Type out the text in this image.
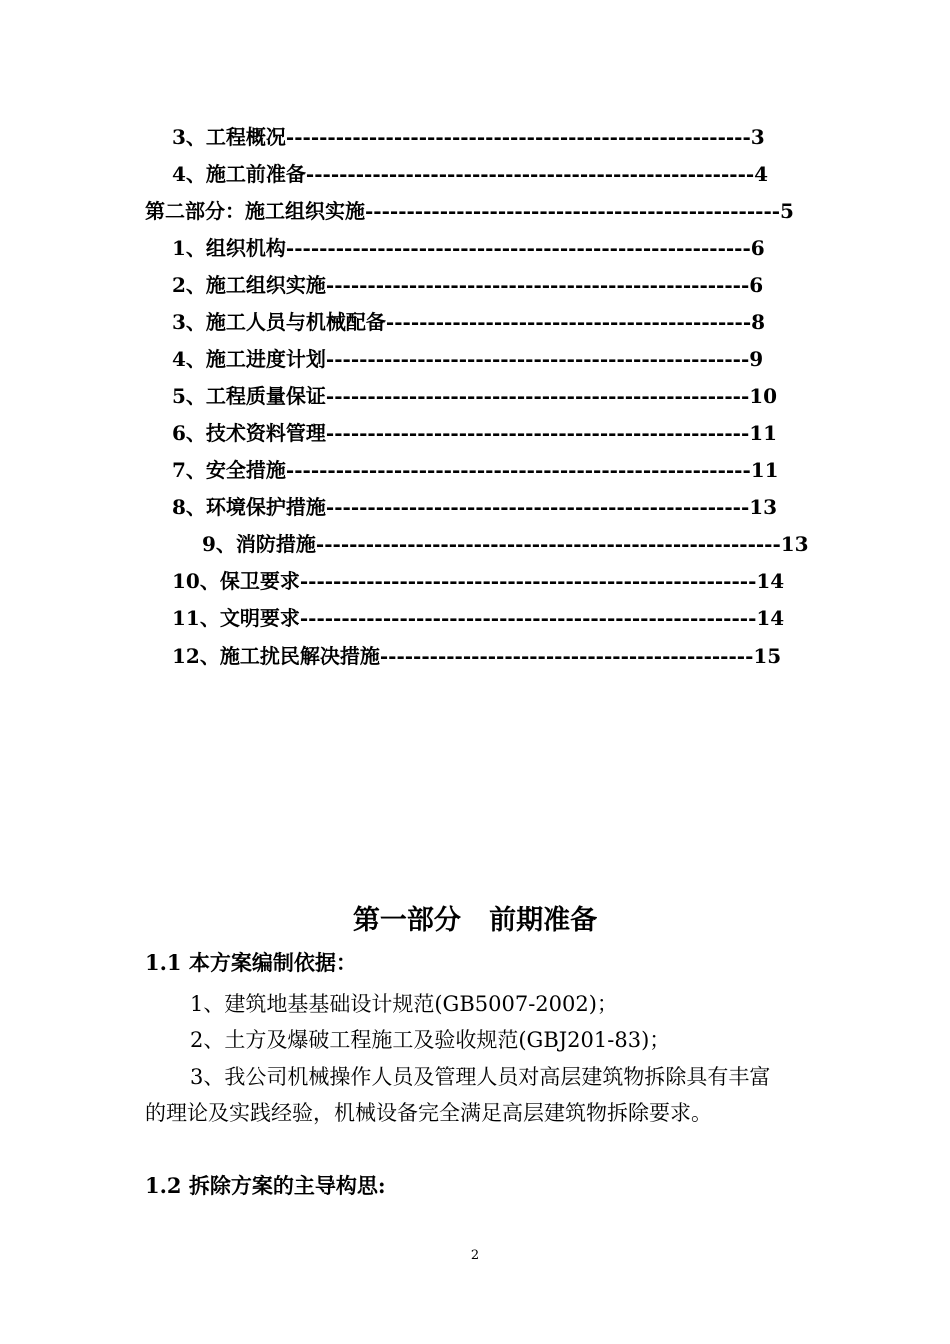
3、工程概况--------------------------------------------------------3
4、施工前准备------------------------------------------------------4
第二部分：施工组织实施--------------------------------------------------5
1、组织机构--------------------------------------------------------6
2、施工组织实施---------------------------------------------------6
3、施工人员与机械配备--------------------------------------------8
4、施工进度计划---------------------------------------------------9
5、工程质量保证---------------------------------------------------10
6、技术资料管理---------------------------------------------------11
7、安全措施--------------------------------------------------------11
8、环境保护措施---------------------------------------------------13
9、消防措施--------------------------------------------------------13
10、保卫要求-------------------------------------------------------14
11、文明要求-------------------------------------------------------14
12、施工扰民解决措施---------------------------------------------15
第一部分   前期准备
1.1 本方案编制依据：
1、建筑地基基础设计规范(GB5007-2002)；
2、土方及爆破工程施工及验收规范(GBJ201-83)；
3、我公司机械操作人员及管理人员对高层建筑物拆除具有丰富
的理论及实践经验，机械设备完全满足高层建筑物拆除要求。
1.2 拆除方案的主导构思:
2
